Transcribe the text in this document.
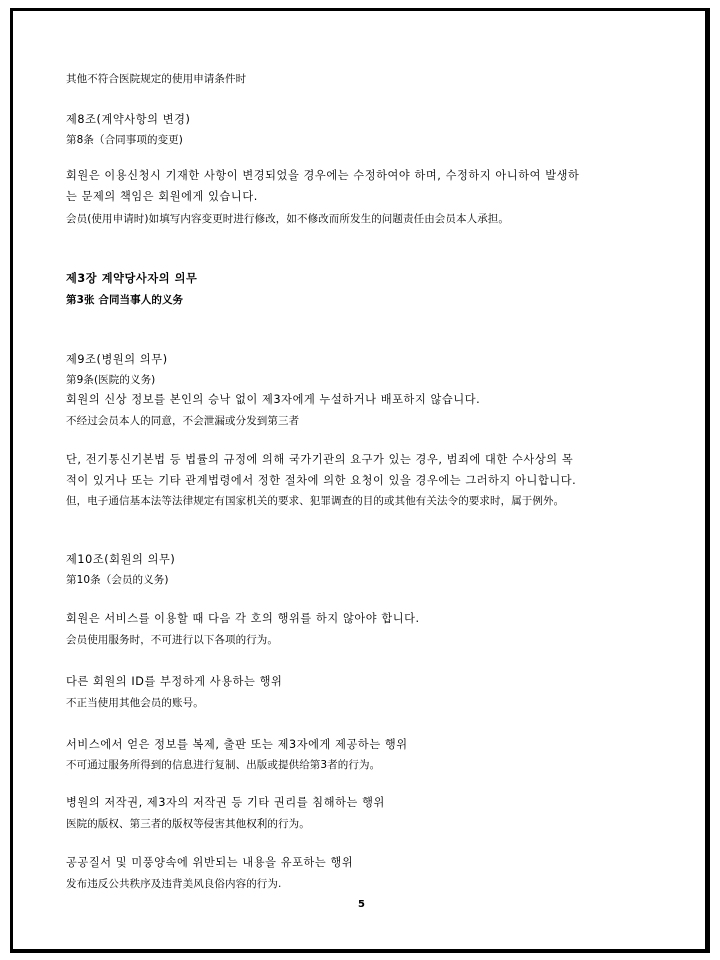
其他不符合医院规定的使用申请条件时
제8조(계약사항의 변경)
第8条（合同事项的变更)
회원은 이용신청시 기재한 사항이 변경되었을 경우에는 수정하여야 하며, 수정하지 아니하여 발생하
는 문제의 책임은 회원에게 있습니다.
会员(使用申请时)如填写内容变更时进行修改，如不修改而所发生的问题责任由会员本人承担。
제3장 계약당사자의 의무
第3张 合同当事人的义务
제9조(병원의 의무)
第9条(医院的义务)
회원의 신상 정보를 본인의 승낙 없이 제3자에게 누설하거나 배포하지 않습니다.
不经过会员本人的同意，不会泄漏或分发到第三者
단, 전기통신기본법 등 법률의 규정에 의해 국가기관의 요구가 있는 경우, 범죄에 대한 수사상의 목
적이 있거나 또는 기타 관계법령에서 정한 절차에 의한 요청이 있을 경우에는 그러하지 아니합니다.
但，电子通信基本法等法律规定有国家机关的要求、犯罪调查的目的或其他有关法令的要求时，属于例外。
제10조(회원의 의무)
第10条（会员的义务)
회원은 서비스를 이용할 때 다음 각 호의 행위를 하지 않아야 합니다.
会员使用服务时，不可进行以下各项的行为。
다른 회원의 ID를 부정하게 사용하는 행위
不正当使用其他会员的账号。
서비스에서 얻은 정보를 복제, 출판 또는 제3자에게 제공하는 행위
不可通过服务所得到的信息进行复制、出版或提供给第3者的行为。
병원의 저작권, 제3자의 저작권 등 기타 권리를 침해하는 행위
医院的版权、第三者的版权等侵害其他权利的行为。
공공질서 및 미풍양속에 위반되는 내용을 유포하는 행위
发布违反公共秩序及违背美风良俗内容的行为.
5
